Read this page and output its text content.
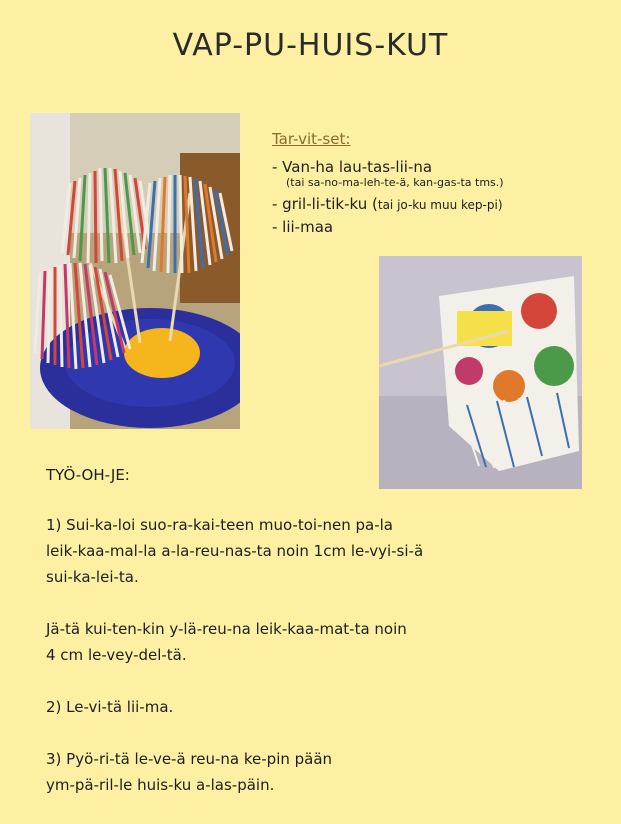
VAP-PU-HUIS-KUT
Tar-vit-set:
- Van-ha lau-tas-lii-na
(tai sa-no-ma-leh-te-ä, kan-gas-ta tms.)
- gril-li-tik-ku (tai jo-ku muu kep-pi)
- lii-maa
TYÖ-OH-JE:
1) Sui-ka-loi suo-ra-kai-teen muo-toi-nen pa-la
leik-kaa-mal-la a-la-reu-nas-ta noin 1cm le-vyi-si-ä
sui-ka-lei-ta.
Jä-tä kui-ten-kin y-lä-reu-na leik-kaa-mat-ta noin
4 cm le-vey-del-tä.
2) Le-vi-tä lii-ma.
3) Pyö-ri-tä le-ve-ä reu-na ke-pin pään
ym-pä-ril-le huis-ku a-las-päin.
